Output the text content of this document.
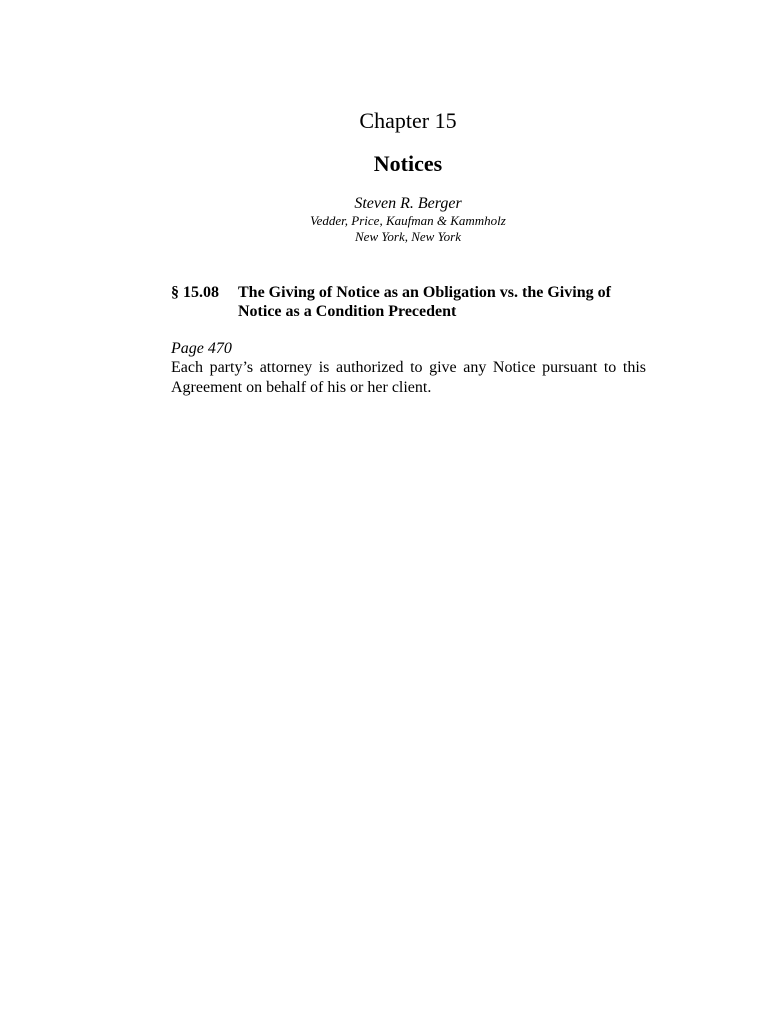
Chapter 15
Notices
Steven R. Berger
Vedder, Price, Kaufman & Kammholz
New York, New York
§ 15.08 The Giving of Notice as an Obligation vs. the Giving of Notice as a Condition Precedent
Page 470
Each party’s attorney is authorized to give any Notice pursuant to this Agreement on behalf of his or her client.
